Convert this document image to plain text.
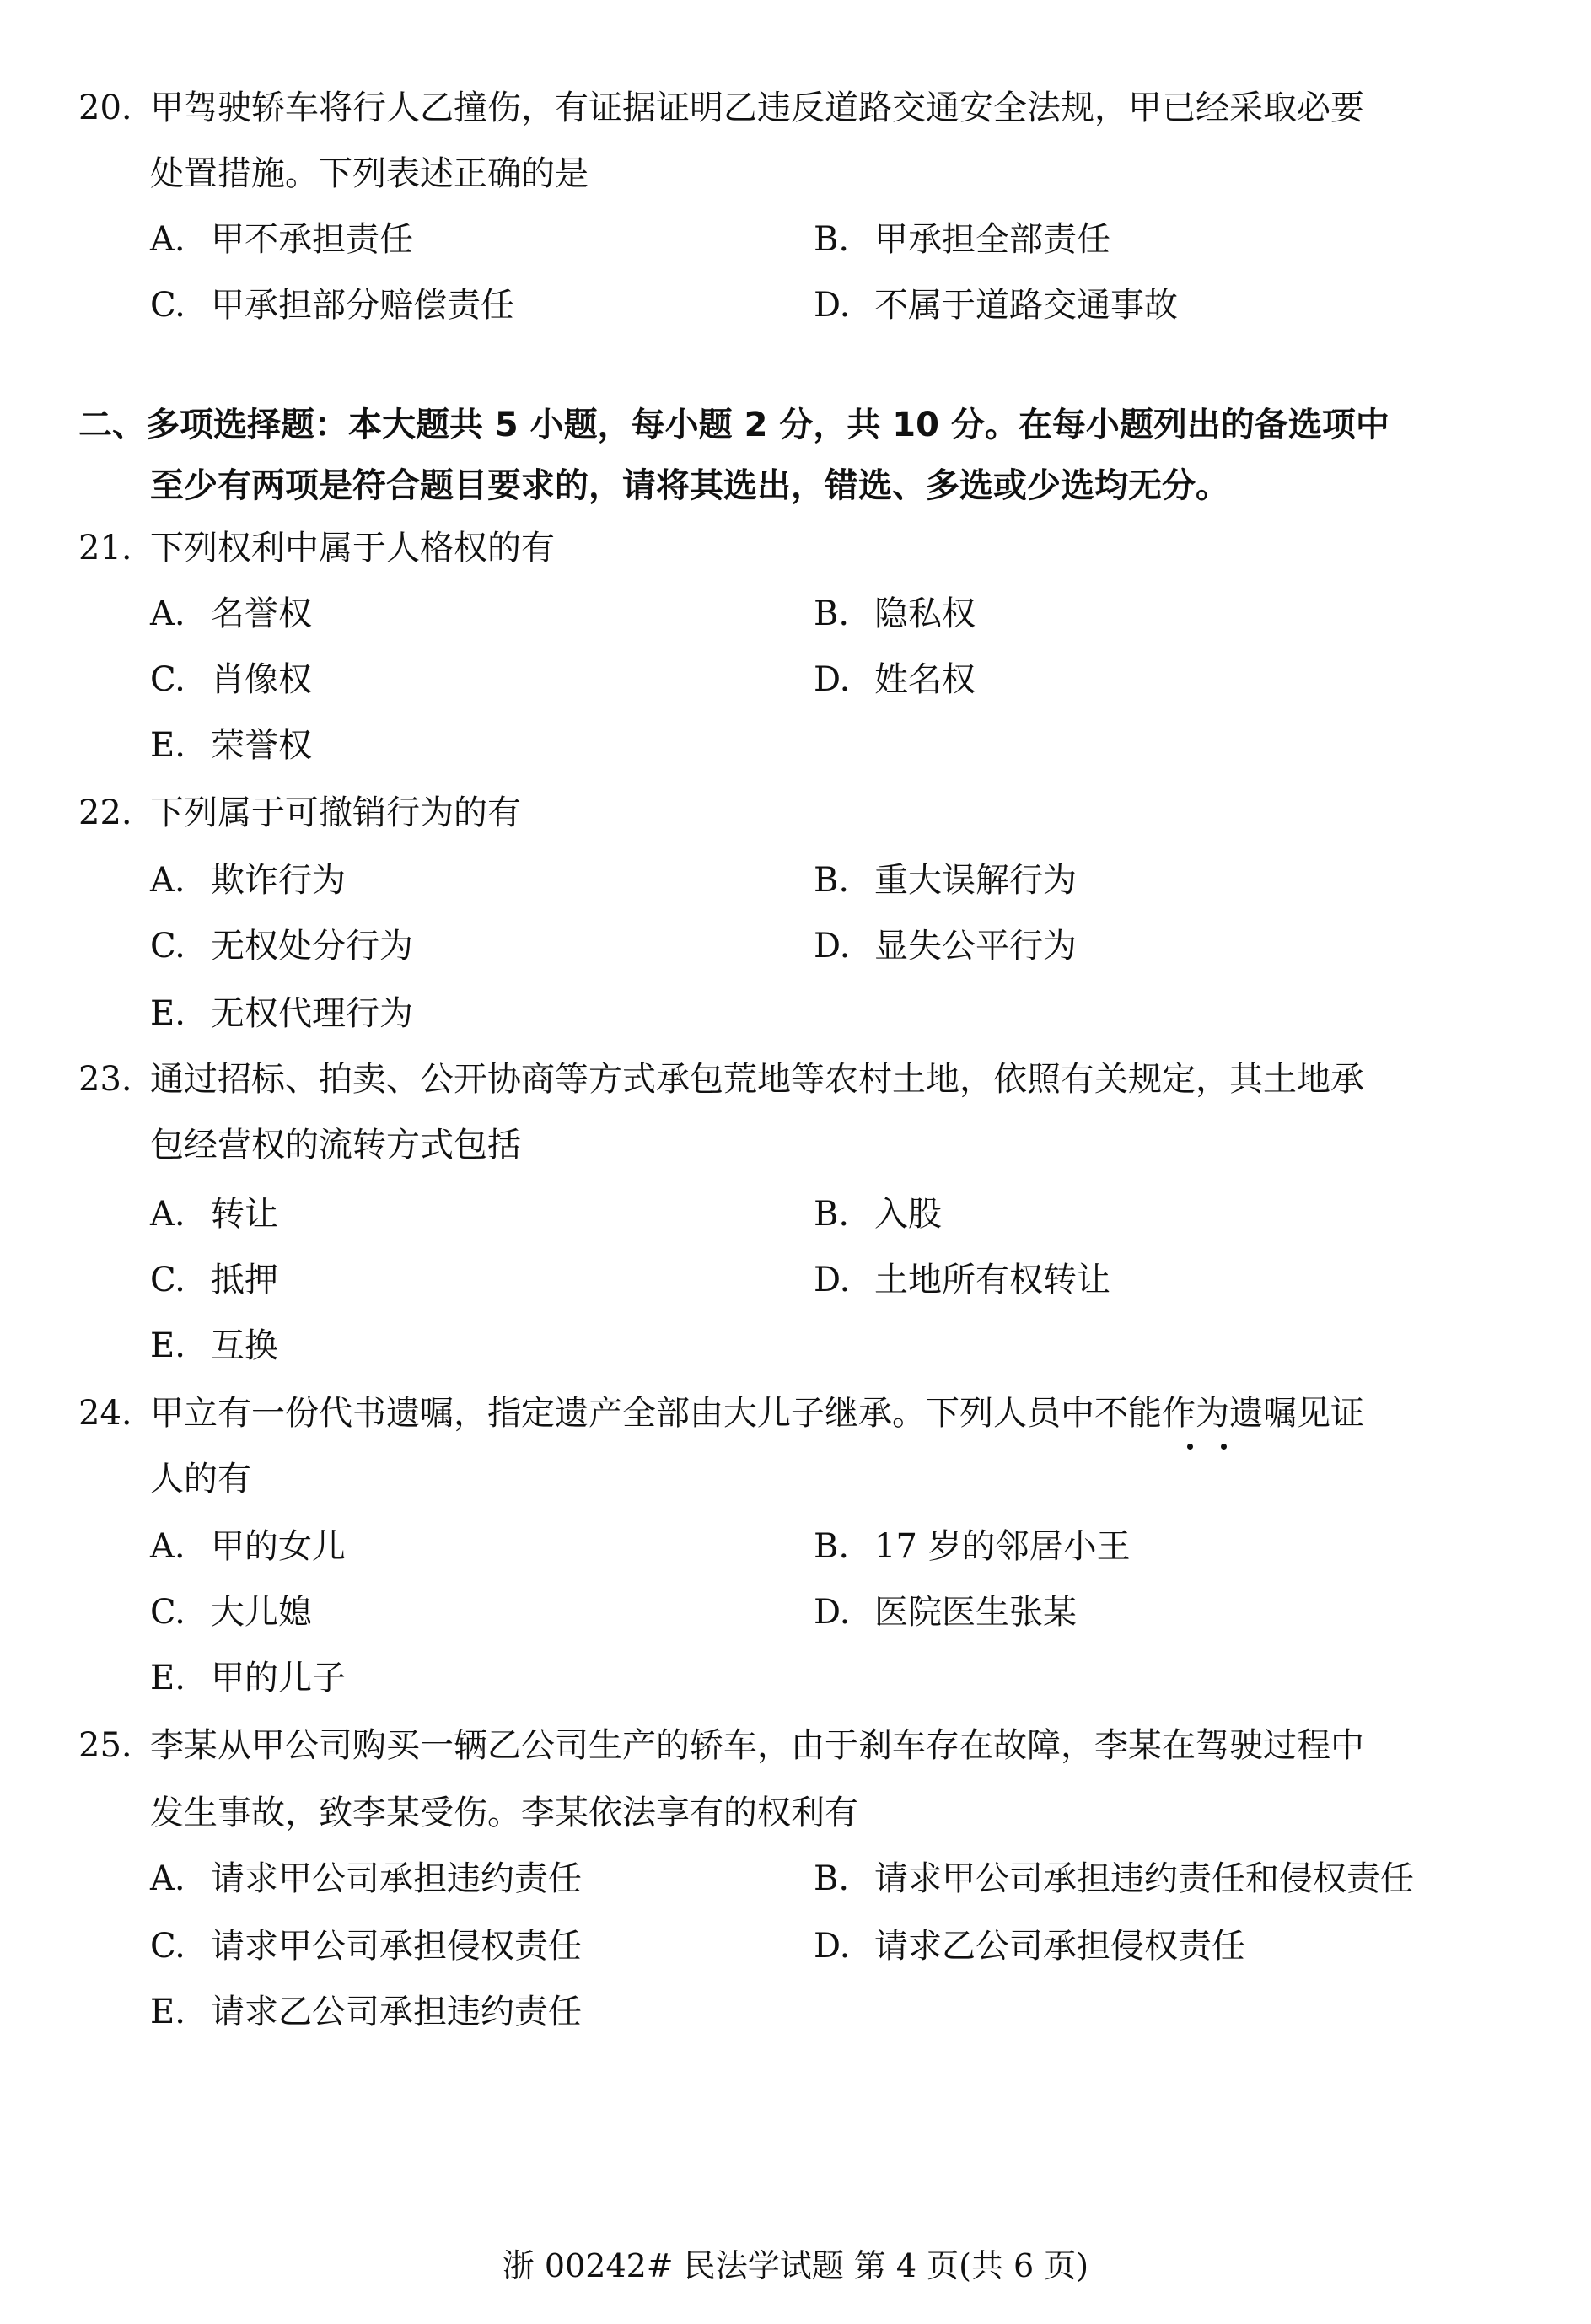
20. 甲驾驶轿车将行人乙撞伤，有证据证明乙违反道路交通安全法规，甲已经采取必要
处置措施。下列表述正确的是
A. 甲不承担责任	B. 甲承担全部责任
C. 甲承担部分赔偿责任	D. 不属于道路交通事故
二、多项选择题：本大题共 5 小题，每小题 2 分，共 10 分。在每小题列出的备选项中
至少有两项是符合题目要求的，请将其选出，错选、多选或少选均无分。
21. 下列权利中属于人格权的有
A. 名誉权	B. 隐私权
C. 肖像权	D. 姓名权
E. 荣誉权
22. 下列属于可撤销行为的有
A. 欺诈行为	B. 重大误解行为
C. 无权处分行为	D. 显失公平行为
E. 无权代理行为
23. 通过招标、拍卖、公开协商等方式承包荒地等农村土地，依照有关规定，其土地承
包经营权的流转方式包括
A. 转让	B. 入股
C. 抵押	D. 土地所有权转让
E. 互换
24. 甲立有一份代书遗嘱，指定遗产全部由大儿子继承。下列人员中不能作为遗嘱见证
人的有
A. 甲的女儿	B. 17 岁的邻居小王
C. 大儿媳	D. 医院医生张某
E. 甲的儿子
25. 李某从甲公司购买一辆乙公司生产的轿车，由于刹车存在故障，李某在驾驶过程中
发生事故，致李某受伤。李某依法享有的权利有
A. 请求甲公司承担违约责任	B. 请求甲公司承担违约责任和侵权责任
C. 请求甲公司承担侵权责任	D. 请求乙公司承担侵权责任
E. 请求乙公司承担违约责任
浙 00242# 民法学试题 第 4 页(共 6 页)
